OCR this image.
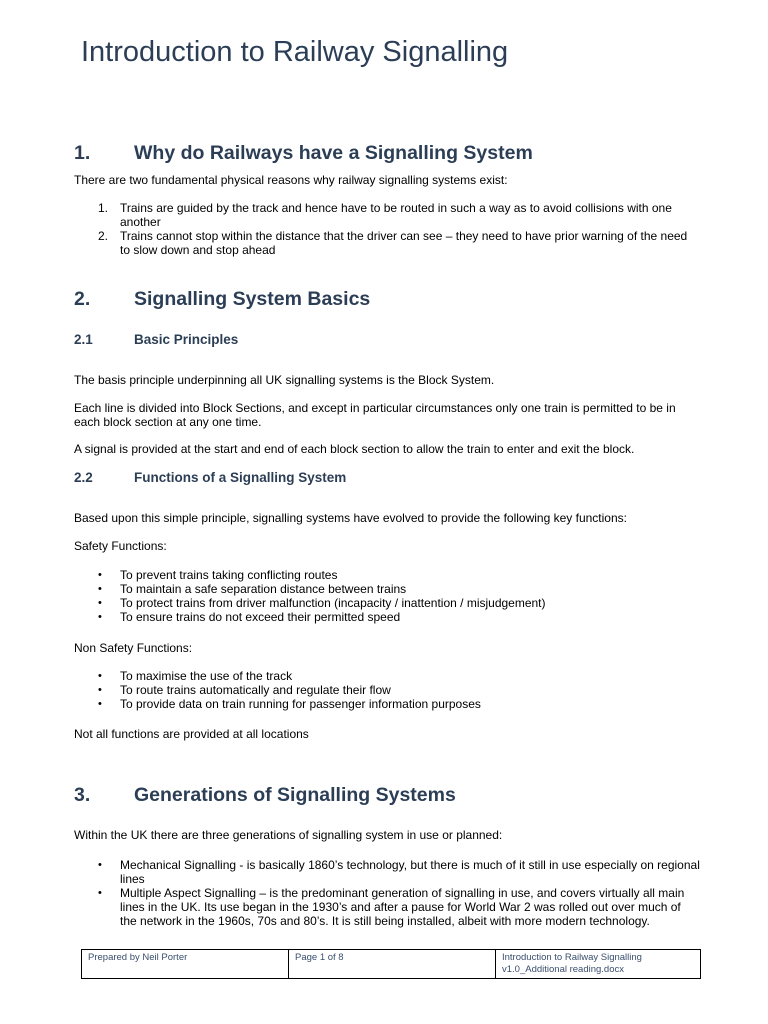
Introduction to Railway Signalling
1. Why do Railways have a Signalling System

There are two fundamental physical reasons why railway signalling systems exist:

1. Trains are guided by the track and hence have to be routed in such a way as to avoid collisions with one another
2. Trains cannot stop within the distance that the driver can see – they need to have prior warning of the need to slow down and stop ahead
2. Signalling System Basics
2.1	Basic Principles

The basis principle underpinning all UK signalling systems is the Block System.

Each line is divided into Block Sections, and except in particular circumstances only one train is permitted to be in each block section at any one time.

A signal is provided at the start and end of each block section to allow the train to enter and exit the block.

2.2	Functions of a Signalling System

Based upon this simple principle, signalling systems have evolved to provide the following key functions:

Safety Functions:

• To prevent trains taking conflicting routes
• To maintain a safe separation distance between trains
• To protect trains from driver malfunction (incapacity / inattention / misjudgement)
• To ensure trains do not exceed their permitted speed

Non Safety Functions:

• To maximise the use of the track
• To route trains automatically and regulate their flow
• To provide data on train running for passenger information purposes

Not all functions are provided at all locations

3. Generations of Signalling Systems

Within the UK there are three generations of signalling system in use or planned:

• Mechanical Signalling - is basically 1860’s technology, but there is much of it still in use especially on regional lines
• Multiple Aspect Signalling – is the predominant generation of signalling in use, and covers virtually all main lines in the UK. Its use began in the 1930’s and after a pause for World War 2 was rolled out over much of the network in the 1960s, 70s and 80’s. It is still being installed, albeit with more modern technology.
Prepared by Neil Porter	Page 1 of 8	Introduction to Railway Signalling
v1.0_Additional reading.docx
